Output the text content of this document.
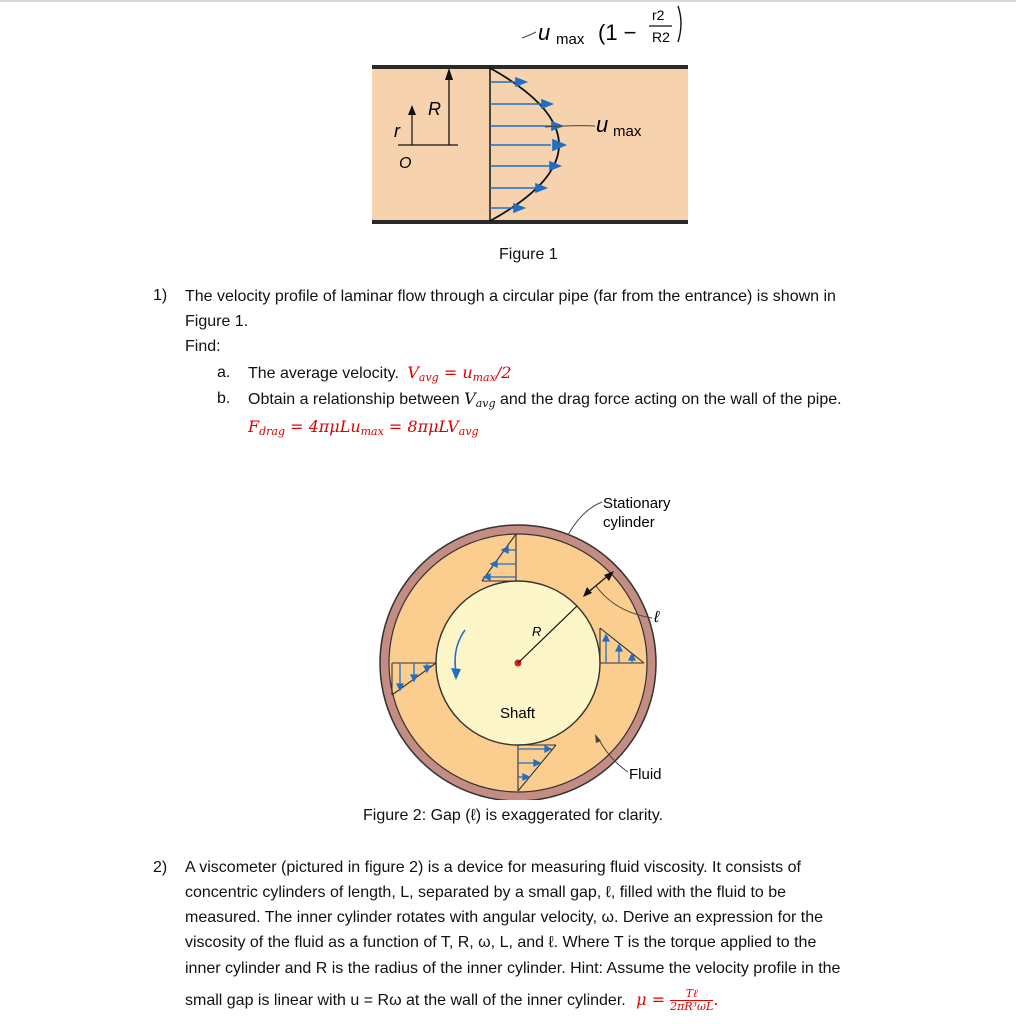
u max (1 −
r2
R2
R
r
O
u max
Figure 1
1) The velocity profile of laminar flow through a circular pipe (far from the entrance) is shown in
Figure 1.
Find:
a. The average velocity. $V_{avg} = u_{max}/2$
b. Obtain a relationship between $V_{avg}$ and the drag force acting on the wall of the pipe.
$F_{drag} = 4\pi\mu Lu_{max} = 8\pi\mu LV_{avg}$
R
ℓ
Stationary
cylinder
Shaft
Fluid
Figure 2: Gap (ℓ) is exaggerated for clarity.
2) A viscometer (pictured in figure 2) is a device for measuring fluid viscosity. It consists of
concentric cylinders of length, L, separated by a small gap, ℓ, filled with the fluid to be
measured. The inner cylinder rotates with angular velocity, ω. Derive an expression for the
viscosity of the fluid as a function of T, R, ω, L, and ℓ. Where T is the torque applied to the
inner cylinder and R is the radius of the inner cylinder. Hint: Assume the velocity profile in the
small gap is linear with u = Rω at the wall of the inner cylinder. $\mu = \frac{\text{Tℓ}}{\text{2πR³ωL}}$ .
